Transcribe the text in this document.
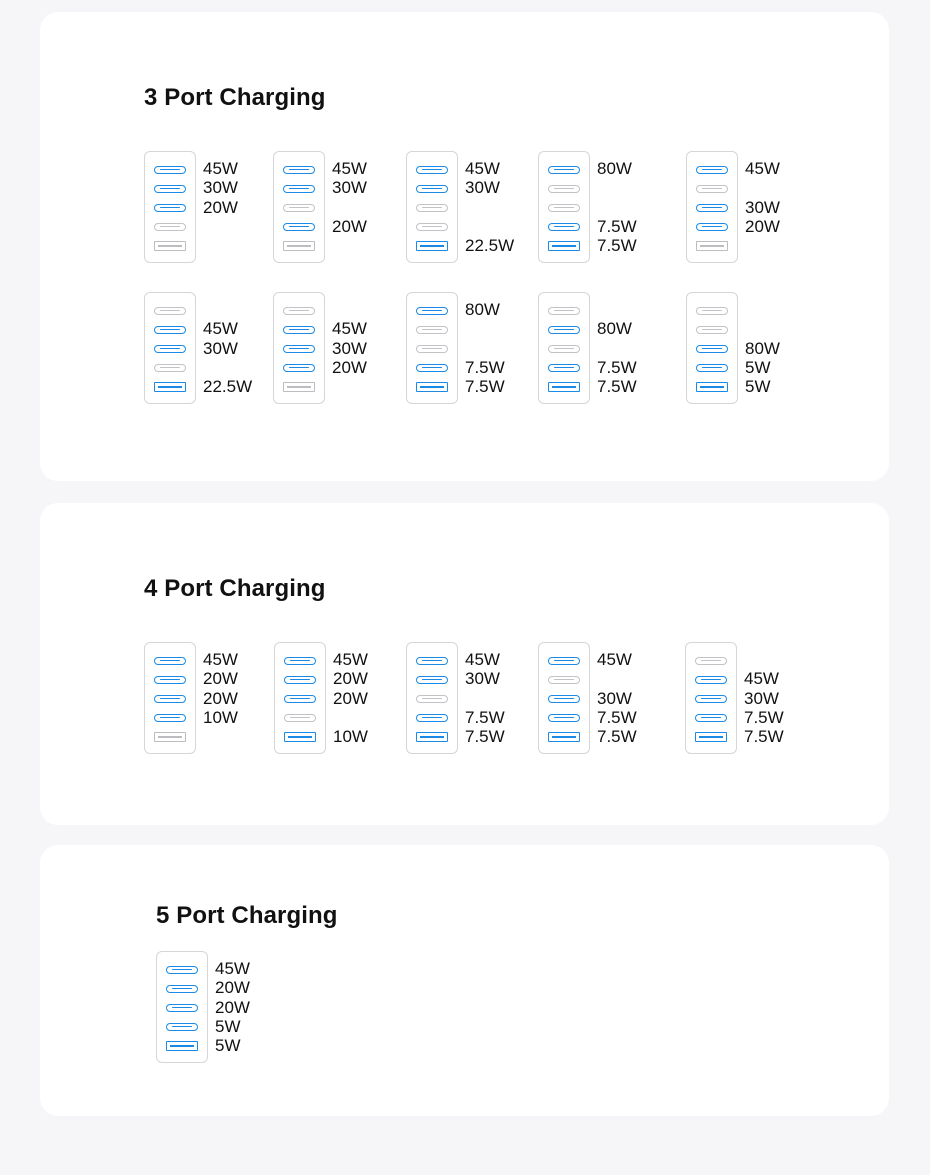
3 Port Charging
45W
30W
20W
45W
30W
20W
45W
30W
22.5W
80W
7.5W
7.5W
45W
30W
20W
45W
30W
22.5W
45W
30W
20W
80W
7.5W
7.5W
80W
7.5W
7.5W
80W
5W
5W
4 Port Charging
45W
20W
20W
10W
45W
20W
20W
10W
45W
30W
7.5W
7.5W
45W
30W
7.5W
7.5W
45W
30W
7.5W
7.5W
5 Port Charging
45W
20W
20W
5W
5W
